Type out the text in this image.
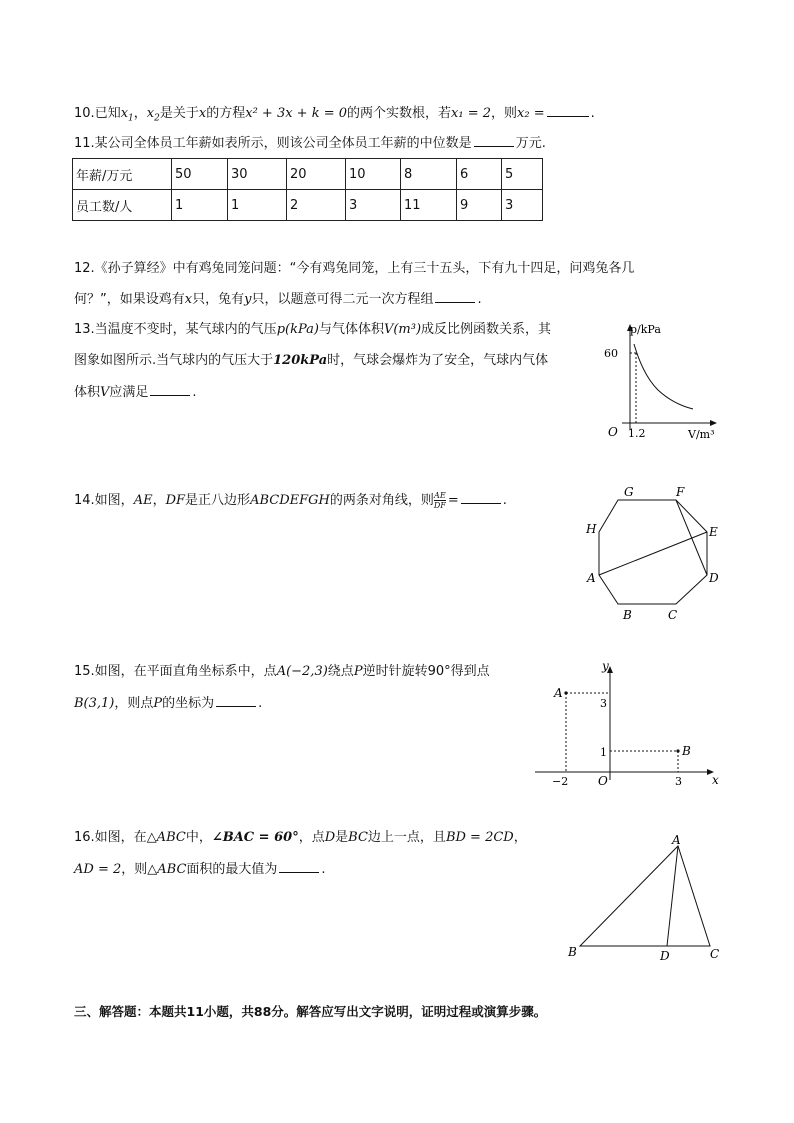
10.已知$x_1$，$x_2$是关于x的方程x² + 3x + k = 0的两个实数根，若x₁ = 2，则x₂ =	.
11.某公司全体员工年薪如表所示，则该公司全体员工年薪的中位数是	万元.
年薪/万元	50	30	20	10	8	6	5
员工数/人	1	1	2	3	11	9	3
12.《孙子算经》中有鸡兔同笼问题：“今有鸡兔同笼，上有三十五头，下有九十四足，问鸡兔各几
何？”，如果设鸡有x只，兔有y只，以题意可得二元一次方程组	.
13.当温度不变时，某气球内的气压p(kPa)与气体体积V(m³)成反比例函数关系，其
图象如图所示.当气球内的气压大于120kPa时，气球会爆炸为了安全，气球内气体
体积V应满足	.
p/kPa
60
O 1.2	V/m³
14.如图，AE，DF是正八边形ABCDEFGH的两条对角线，则 $\frac{AE}{DF}$ =	.
A
B	C
D
E
F
G
H
15.如图，在平面直角坐标系中，点A(−2,3)绕点P逆时针旋转90°得到点
B(3,1)，则点P的坐标为	.
y
x
O
A
B
3
1
−2	3
16.如图，在△ABC中，∠BAC = 60°，点D是BC边上一点，且BD = 2CD，
AD = 2，则△ABC面积的最大值为	.
A
B	D	C
三、解答题：本题共11小题，共88分。解答应写出文字说明，证明过程或演算步骤。
